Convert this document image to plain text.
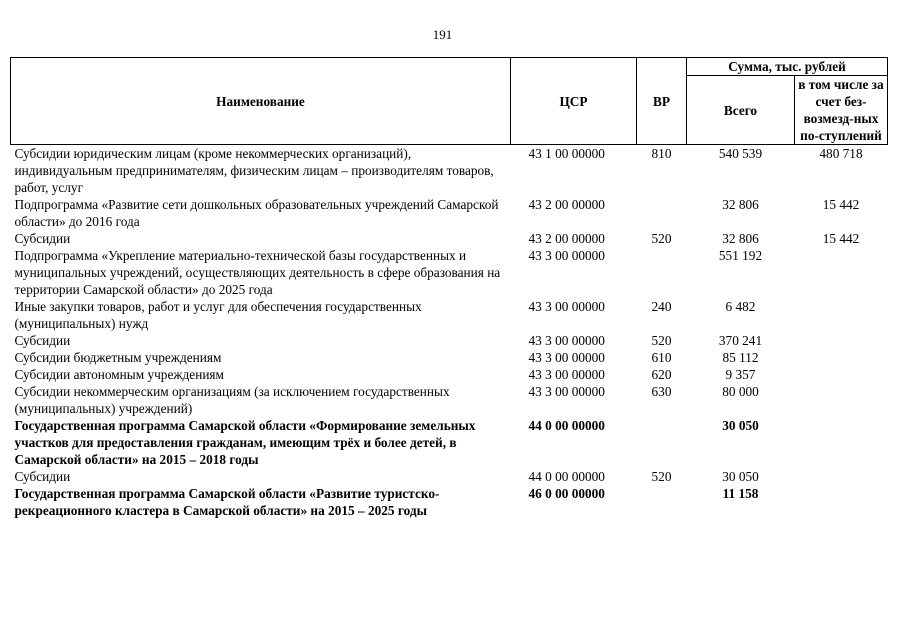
191
Наименование	ЦСР	ВР	Сумма, тыс. рублей	
			Всего	в том числе за счет без-возмезд-ных по-ступлений
Субсидии юридическим лицам (кроме некоммерческих организаций), индивидуальным предпринимателям, физическим лицам – производителям товаров, работ, услуг	43 1 00 00000	810	540 539	480 718
Подпрограмма «Развитие сети дошкольных образовательных учреждений Самарской области» до 2016 года	43 2 00 00000		32 806	15 442
Субсидии	43 2 00 00000	520	32 806	15 442
Подпрограмма «Укрепление материально-технической базы государственных и муниципальных учреждений, осуществляющих деятельность в сфере образования на территории Самарской области» до 2025 года	43 3 00 00000		551 192	
Иные закупки товаров, работ и услуг для обеспечения государственных (муниципальных) нужд	43 3 00 00000	240	6 482	
Субсидии	43 3 00 00000	520	370 241	
Субсидии бюджетным учреждениям	43 3 00 00000	610	85 112	
Субсидии автономным учреждениям	43 3 00 00000	620	9 357	
Субсидии некоммерческим организациям (за исключением государственных (муниципальных) учреждений)	43 3 00 00000	630	80 000	
Государственная программа Самарской области «Формирование земельных участков для предоставления гражданам, имеющим трёх и более детей, в Самарской области» на 2015 – 2018 годы	44 0 00 00000		30 050	
Субсидии	44 0 00 00000	520	30 050	
Государственная программа Самарской области «Развитие туристско-рекреационного кластера в Самарской области» на 2015 – 2025 годы	46 0 00 00000		11 158	
